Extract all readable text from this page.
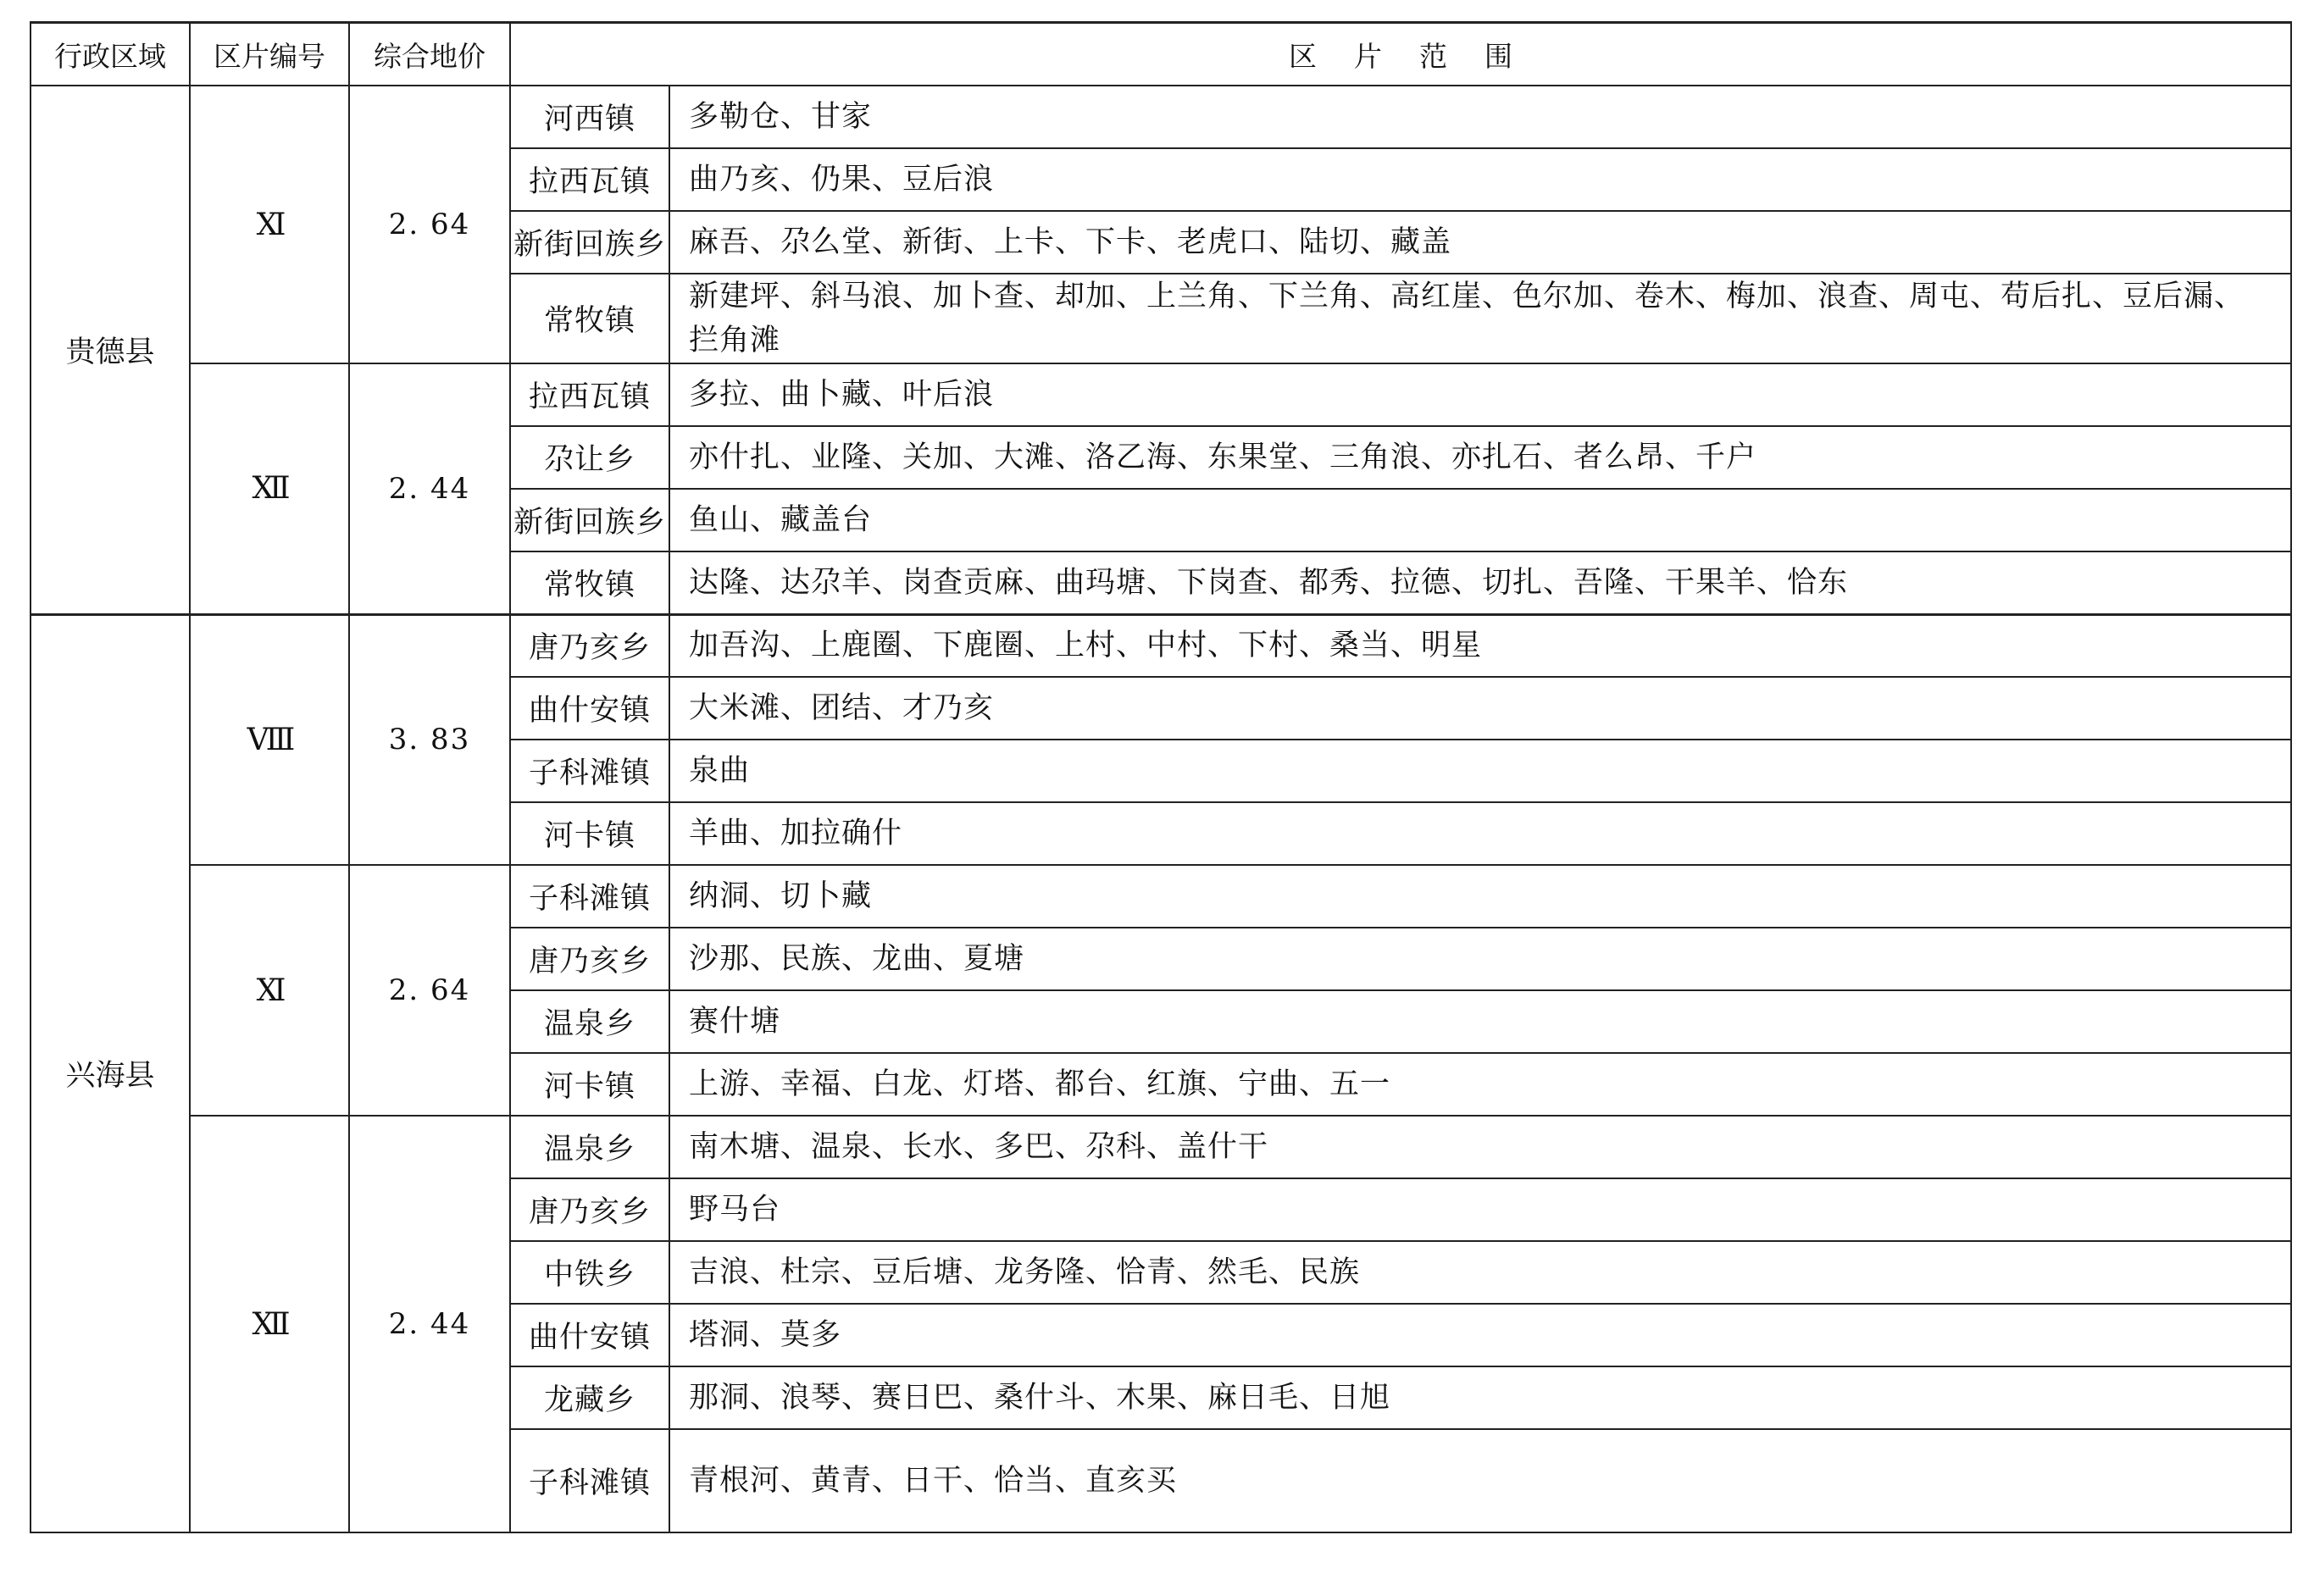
行政区域	区片编号	综合地价	区 片 范 围	
贵德县	Ⅺ	2. 64	河西镇	多勒仓、甘家
			拉西瓦镇	曲乃亥、仍果、豆后浪
			新街回族乡	麻吾、尕么堂、新街、上卡、下卡、老虎口、陆切、藏盖
			常牧镇	新建坪、斜马浪、加卜查、却加、上兰角、下兰角、高红崖、色尔加、卷木、梅加、浪查、周屯、苟后扎、豆后漏、拦角滩
	Ⅻ	2. 44	拉西瓦镇	多拉、曲卜藏、叶后浪
			尕让乡	亦什扎、业隆、关加、大滩、洛乙海、东果堂、三角浪、亦扎石、者么昂、千户
			新街回族乡	鱼山、藏盖台
			常牧镇	达隆、达尕羊、岗查贡麻、曲玛塘、下岗查、都秀、拉德、切扎、吾隆、干果羊、恰东
兴海县	Ⅷ	3. 83	唐乃亥乡	加吾沟、上鹿圈、下鹿圈、上村、中村、下村、桑当、明星
			曲什安镇	大米滩、团结、才乃亥
			子科滩镇	泉曲
			河卡镇	羊曲、加拉确什
	Ⅺ	2. 64	子科滩镇	纳洞、切卜藏
			唐乃亥乡	沙那、民族、龙曲、夏塘
			温泉乡	赛什塘
			河卡镇	上游、幸福、白龙、灯塔、都台、红旗、宁曲、五一
	Ⅻ	2. 44	温泉乡	南木塘、温泉、长水、多巴、尕科、盖什干
			唐乃亥乡	野马台
			中铁乡	吉浪、杜宗、豆后塘、龙务隆、恰青、然毛、民族
			曲什安镇	塔洞、莫多
			龙藏乡	那洞、浪琴、赛日巴、桑什斗、木果、麻日毛、日旭
			子科滩镇	青根河、黄青、日干、恰当、直亥买
